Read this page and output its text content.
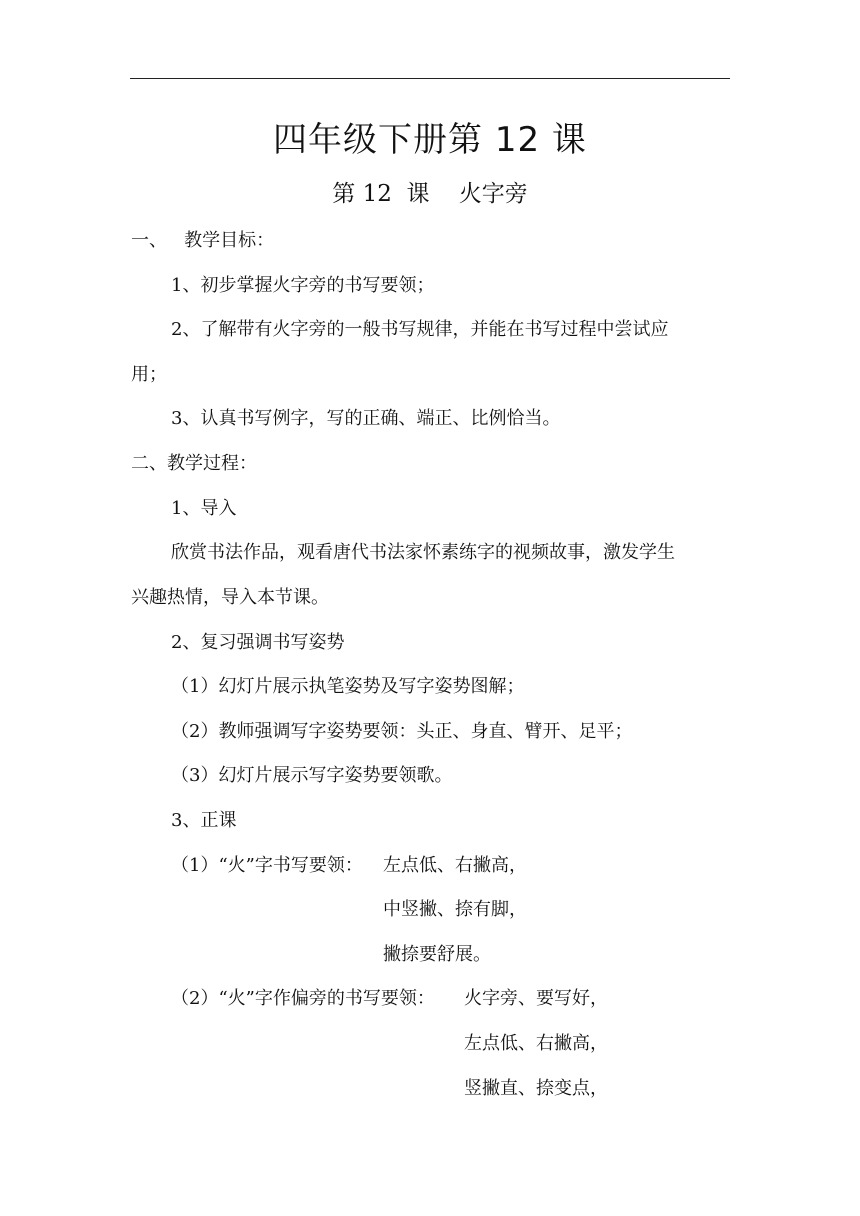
四年级下册第 12 课
第 12  课    火字旁
一、   教学目标：
1、初步掌握火字旁的书写要领；
2、了解带有火字旁的一般书写规律，并能在书写过程中尝试应
用；
3、认真书写例字，写的正确、端正、比例恰当。
二、教学过程：
1、导入
欣赏书法作品，观看唐代书法家怀素练字的视频故事，激发学生
兴趣热情，导入本节课。
2、复习强调书写姿势
（1）幻灯片展示执笔姿势及写字姿势图解；
（2）教师强调写字姿势要领：头正、身直、臂开、足平；
（3）幻灯片展示写字姿势要领歌。
3、正课
（1）“火”字书写要领： 左点低、右撇高，
中竖撇、捺有脚，
撇捺要舒展。
（2）“火”字作偏旁的书写要领： 火字旁、要写好，
左点低、右撇高，
竖撇直、捺变点，
